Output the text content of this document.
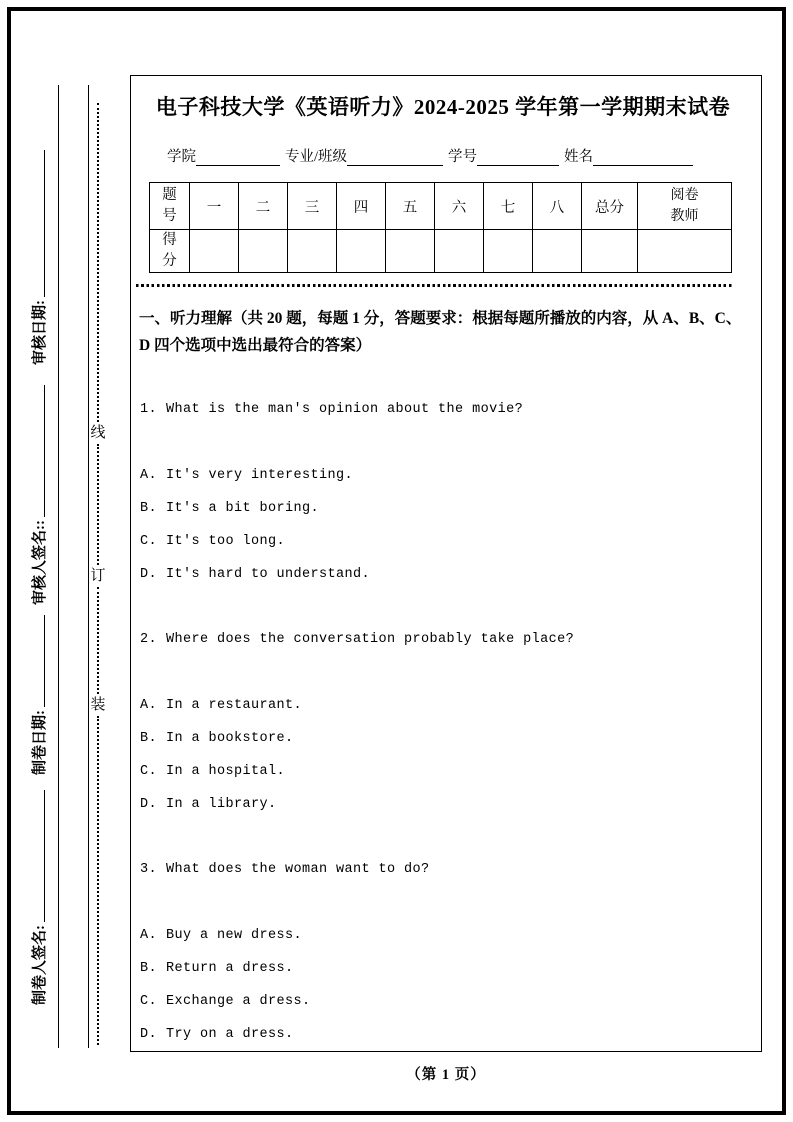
审核日期:
审核人签名::
制卷日期:
制卷人签名:
线
订
装
电子科技大学《英语听力》2024-2025 学年第一学期期末试卷
学院	专业/班级	学号	姓名
题号	一	二	三	四	五	六	七	八	总分	阅卷教师

得分										

一、听力理解（共 20 题，每题 1 分，答题要求：根据每题所播放的内容，从 A、B、C、
D 四个选项中选出最符合的答案）
1. What is the man's opinion about the movie?
A. It's very interesting.
B. It's a bit boring.
C. It's too long.
D. It's hard to understand.
2. Where does the conversation probably take place?
A. In a restaurant.
B. In a bookstore.
C. In a hospital.
D. In a library.
3. What does the woman want to do?
A. Buy a new dress.
B. Return a dress.
C. Exchange a dress.
D. Try on a dress.
（第 1 页）
